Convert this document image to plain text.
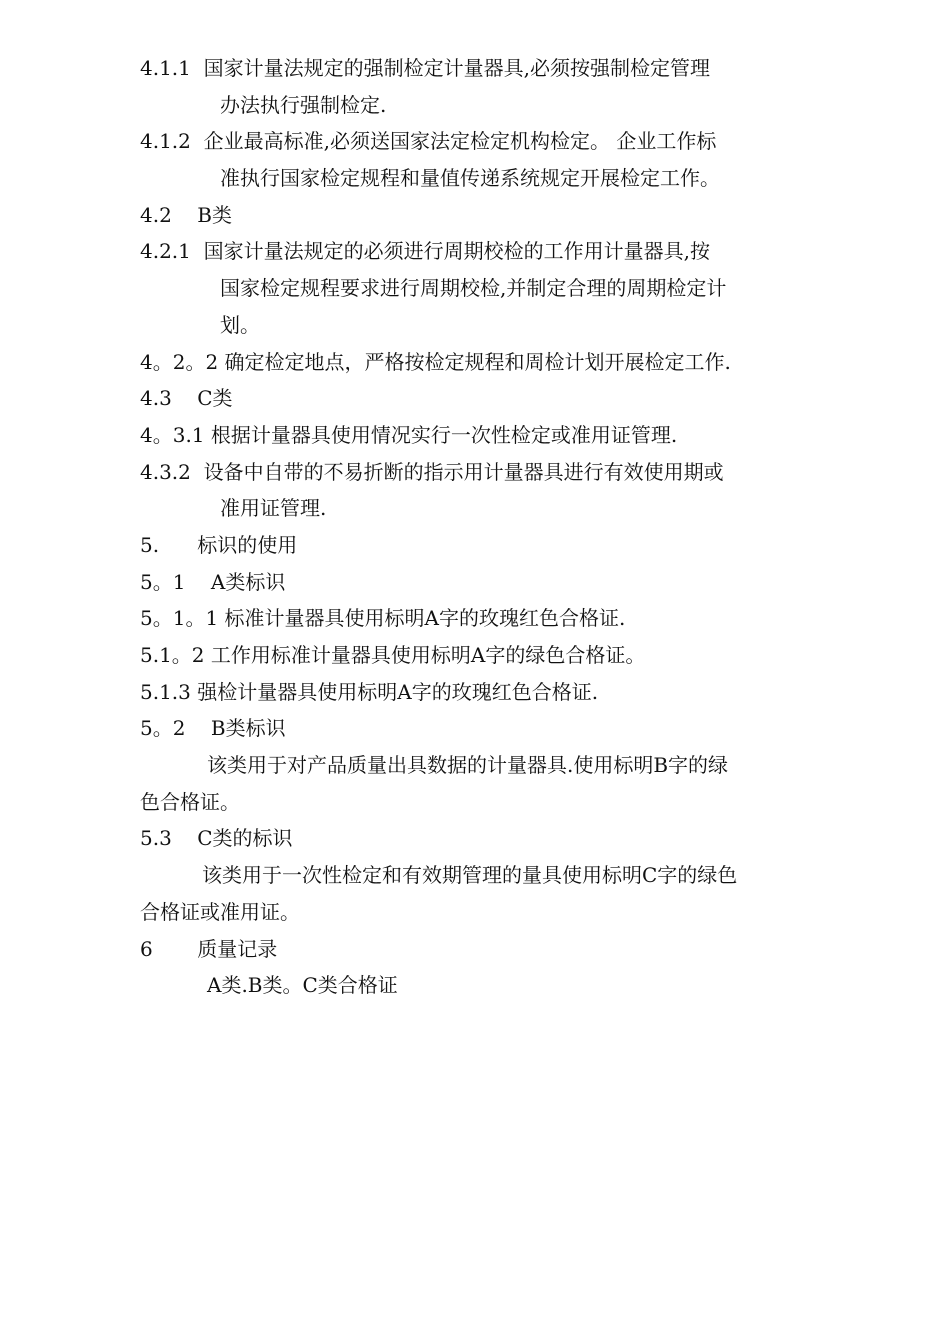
4.1.1  国家计量法规定的强制检定计量器具,必须按强制检定管理
办法执行强制检定.
4.1.2  企业最高标准,必须送国家法定检定机构检定。 企业工作标
准执行国家检定规程和量值传递系统规定开展检定工作。
4.2    B类
4.2.1  国家计量法规定的必须进行周期校检的工作用计量器具,按
国家检定规程要求进行周期校检,并制定合理的周期检定计
划。
4。2。2 确定检定地点，严格按检定规程和周检计划开展检定工作.
4.3    C类
4。3.1 根据计量器具使用情况实行一次性检定或准用证管理.
4.3.2  设备中自带的不易折断的指示用计量器具进行有效使用期或
准用证管理.
5.      标识的使用
5。1    A类标识
5。1。1 标准计量器具使用标明A字的玫瑰红色合格证.
5.1。2 工作用标准计量器具使用标明A字的绿色合格证。
5.1.3 强检计量器具使用标明A字的玫瑰红色合格证.
5。2    B类标识
该类用于对产品质量出具数据的计量器具.使用标明B字的绿
色合格证。
5.3    C类的标识
该类用于一次性检定和有效期管理的量具使用标明C字的绿色
合格证或准用证。
6       质量记录
A类.B类。C类合格证
